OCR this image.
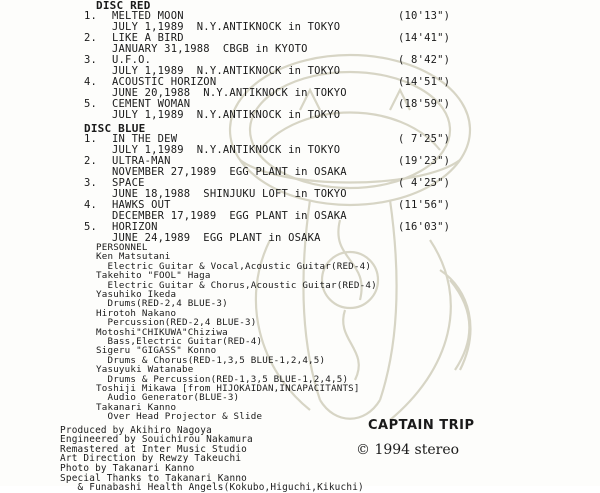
DISC RED
1. MELTED MOON	(10'13")
JULY 1,1989  N.Y.ANTIKNOCK in TOKYO
2. LIKE A BIRD	(14'41")
JANUARY 31,1988  CBGB in KYOTO
3. U.F.O.	( 8'42")
JULY 1,1989  N.Y.ANTIKNOCK in TOKYO
4. ACOUSTIC HORIZON	(14'51")
JUNE 20,1988  N.Y.ANTIKNOCK in TOKYO
5. CEMENT WOMAN	(18'59")
JULY 1,1989  N.Y.ANTIKNOCK in TOKYO
DISC BLUE
1. IN THE DEW	( 7'25")
JULY 1,1989  N.Y.ANTIKNOCK in TOKYO
2. ULTRA-MAN	(19'23")
NOVEMBER 27,1989  EGG PLANT in OSAKA
3. SPACE	( 4'25")
JUNE 18,1988  SHINJUKU LOFT in TOKYO
4. HAWKS OUT	(11'56")
DECEMBER 17,1989  EGG PLANT in OSAKA
5. HORIZON	(16'03")
JUNE 24,1989  EGG PLANT in OSAKA
PERSONNEL
Ken Matsutani
Electric Guitar & Vocal,Acoustic Guitar(RED-4)
Takehito "FOOL" Haga
Electric Guitar & Chorus,Acoustic Guitar(RED-4)
Yasuhiko Ikeda
Drums(RED-2,4 BLUE-3)
Hirotoh Nakano
Percussion(RED-2,4 BLUE-3)
Motoshi"CHIKUWA"Chiziwa
Bass,Electric Guitar(RED-4)
Sigeru "GIGASS" Konno
Drums & Chorus(RED-1,3,5 BLUE-1,2,4,5)
Yasuyuki Watanabe
Drums & Percussion(RED-1,3,5 BLUE-1,2,4,5)
Toshiji Mikawa [from HIJOKAIDAN,INCAPACITANTS]
Audio Generator(BLUE-3)
Takanari Kanno
Over Head Projector & Slide
CAPTAIN TRIP
© 1994 stereo
Produced by Akihiro Nagoya
Engineered by Souichirou Nakamura
Remastered at Inter Music Studio
Art Direction by Rewzy Takeuchi
Photo by Takanari Kanno
Special Thanks to Takanari Kanno
& Funabashi Health Angels(Kokubo,Higuchi,Kikuchi)
